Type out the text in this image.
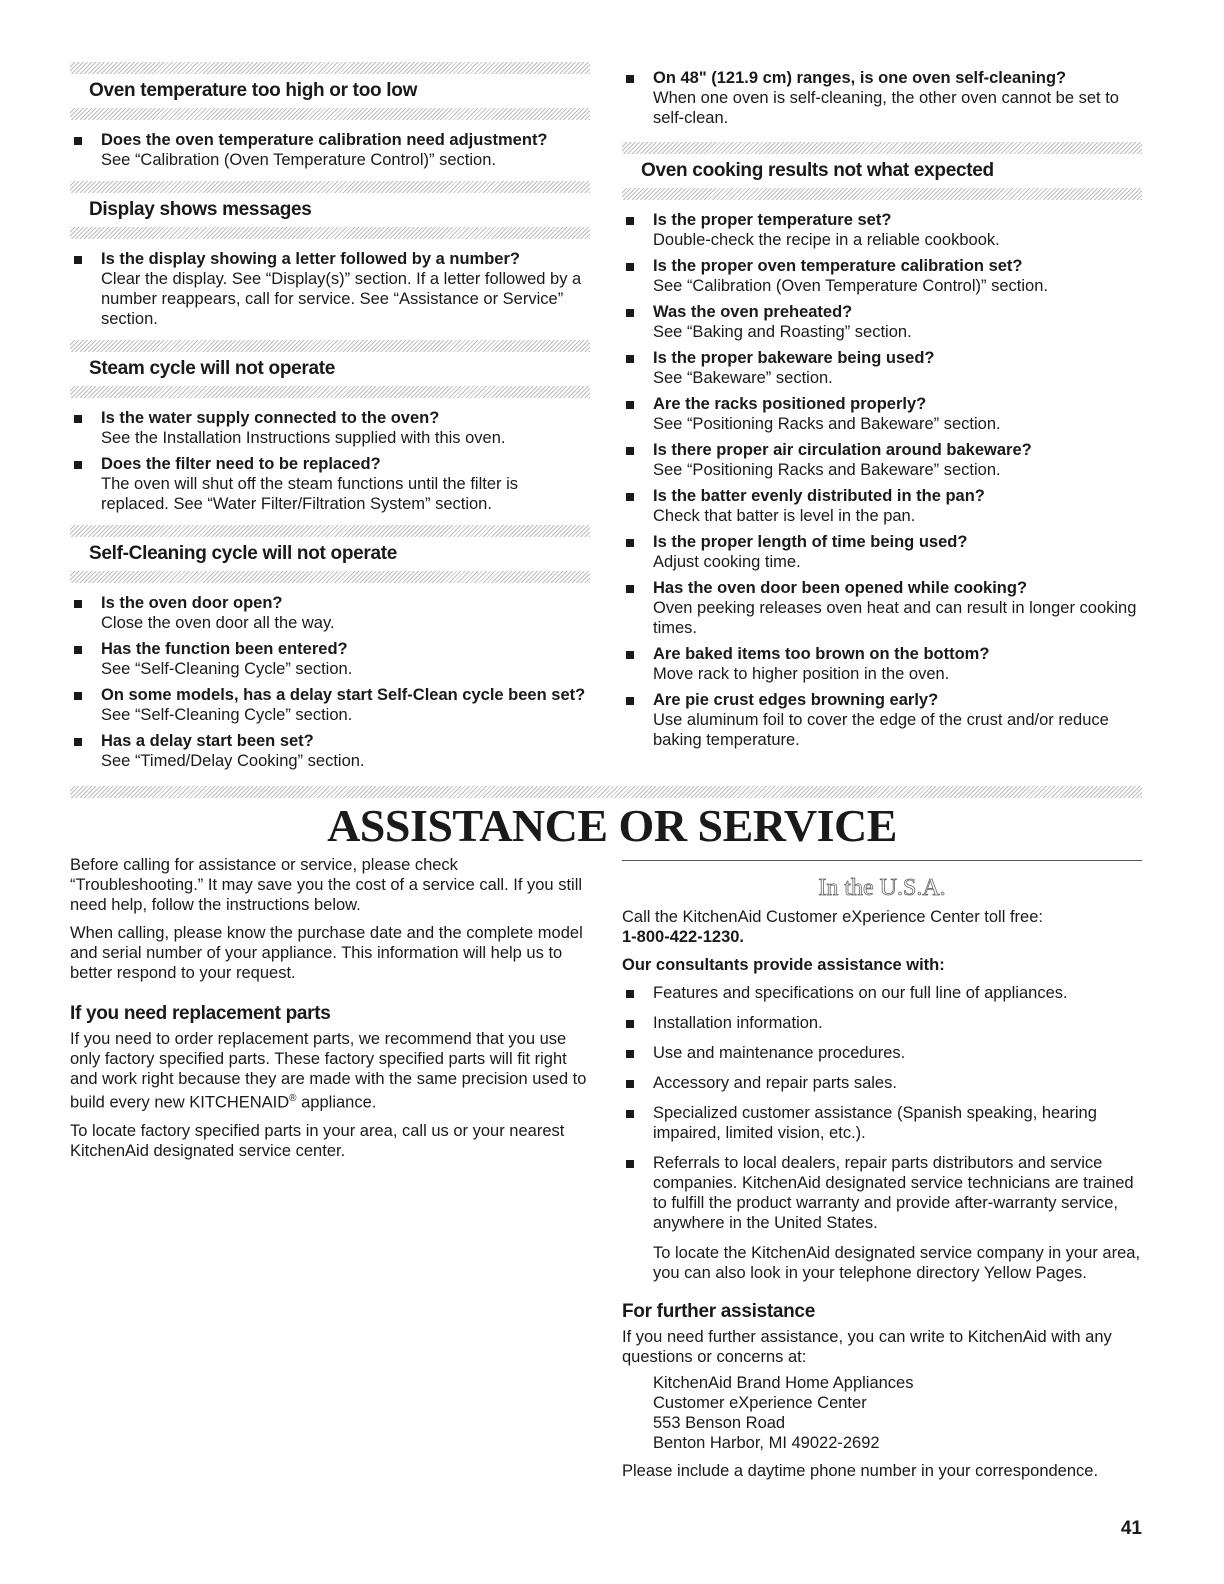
Oven temperature too high or too low
Does the oven temperature calibration need adjustment?
See “Calibration (Oven Temperature Control)” section.
Display shows messages
Is the display showing a letter followed by a number?
Clear the display. See “Display(s)” section. If a letter followed by a number reappears, call for service. See “Assistance or Service” section.
Steam cycle will not operate
Is the water supply connected to the oven?
See the Installation Instructions supplied with this oven.
Does the filter need to be replaced?
The oven will shut off the steam functions until the filter is replaced. See “Water Filter/Filtration System” section.
Self-Cleaning cycle will not operate
Is the oven door open?
Close the oven door all the way.
Has the function been entered?
See “Self-Cleaning Cycle” section.
On some models, has a delay start Self-Clean cycle been set?
See “Self-Cleaning Cycle” section.
Has a delay start been set?
See “Timed/Delay Cooking” section.
On 48" (121.9 cm) ranges, is one oven self-cleaning?
When one oven is self-cleaning, the other oven cannot be set to self-clean.
Oven cooking results not what expected
Is the proper temperature set?
Double-check the recipe in a reliable cookbook.
Is the proper oven temperature calibration set?
See “Calibration (Oven Temperature Control)” section.
Was the oven preheated?
See “Baking and Roasting” section.
Is the proper bakeware being used?
See “Bakeware” section.
Are the racks positioned properly?
See “Positioning Racks and Bakeware” section.
Is there proper air circulation around bakeware?
See “Positioning Racks and Bakeware” section.
Is the batter evenly distributed in the pan?
Check that batter is level in the pan.
Is the proper length of time being used?
Adjust cooking time.
Has the oven door been opened while cooking?
Oven peeking releases oven heat and can result in longer cooking times.
Are baked items too brown on the bottom?
Move rack to higher position in the oven.
Are pie crust edges browning early?
Use aluminum foil to cover the edge of the crust and/or reduce baking temperature.
ASSISTANCE OR SERVICE

Before calling for assistance or service, please check “Troubleshooting.” It may save you the cost of a service call. If you still need help, follow the instructions below.

When calling, please know the purchase date and the complete model and serial number of your appliance. This information will help us to better respond to your request.

If you need replacement parts

If you need to order replacement parts, we recommend that you use only factory specified parts. These factory specified parts will fit right and work right because they are made with the same precision used to build every new KITCHENAID® appliance.

To locate factory specified parts in your area, call us or your nearest KitchenAid designated service center.

In the U.S.A.

Call the KitchenAid Customer eXperience Center toll free:

1-800-422-1230.

Our consultants provide assistance with:

Features and specifications on our full line of appliances.
Installation information.
Use and maintenance procedures.
Accessory and repair parts sales.
Specialized customer assistance (Spanish speaking, hearing impaired, limited vision, etc.).
Referrals to local dealers, repair parts distributors and service companies. KitchenAid designated service technicians are trained to fulfill the product warranty and provide after-warranty service, anywhere in the United States.

To locate the KitchenAid designated service company in your area, you can also look in your telephone directory Yellow Pages.

For further assistance

If you need further assistance, you can write to KitchenAid with any questions or concerns at:

KitchenAid Brand Home Appliances
Customer eXperience Center
553 Benson Road
Benton Harbor, MI 49022-2692

Please include a daytime phone number in your correspondence.

41
